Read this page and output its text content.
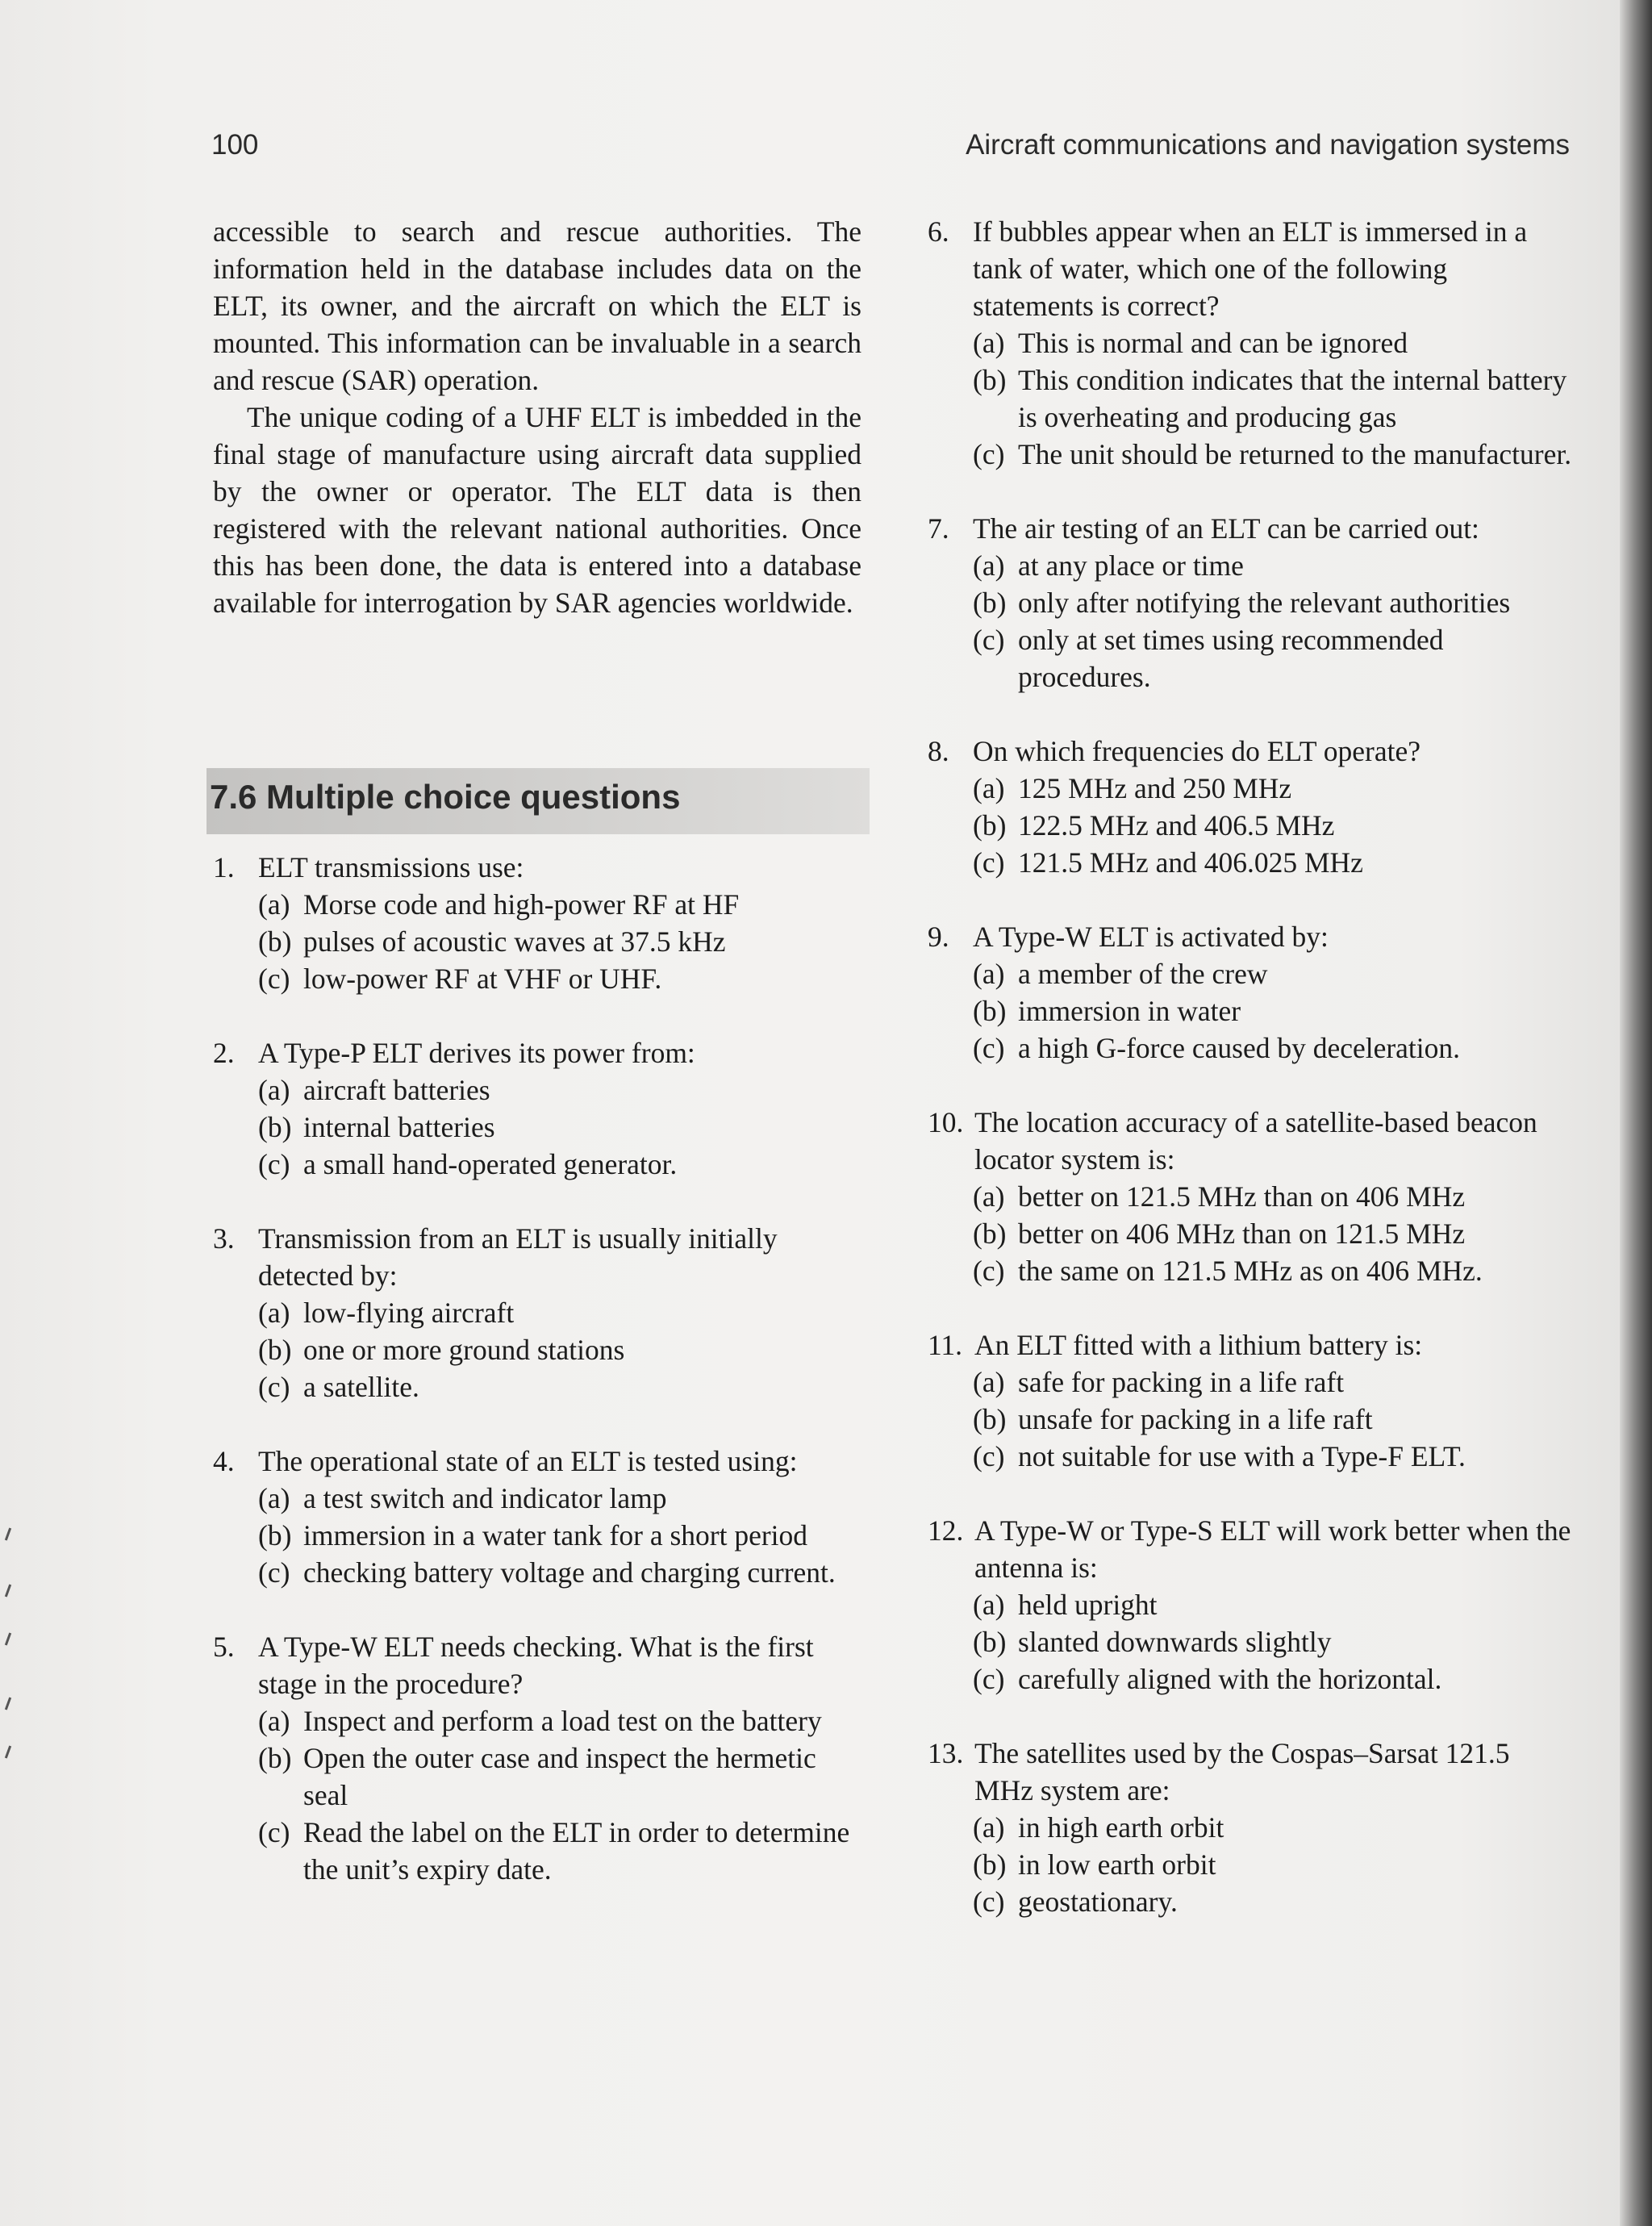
100	Aircraft communications and navigation systems

accessible to search and rescue authorities. The information held in the database includes data on the ELT, its owner, and the aircraft on which the ELT is mounted. This information can be invaluable in a search and rescue (SAR) operation.

The unique coding of a UHF ELT is imbedded in the final stage of manufacture using aircraft data supplied by the owner or operator. The ELT data is then registered with the relevant national authorities. Once this has been done, the data is entered into a database available for interrogation by SAR agencies worldwide.

7.6 Multiple choice questions
1. ELT transmissions use:
(a) Morse code and high-power RF at HF
(b) pulses of acoustic waves at 37.5 kHz
(c) low-power RF at VHF or UHF.
2. A Type-P ELT derives its power from:
(a) aircraft batteries
(b) internal batteries
(c) a small hand-operated generator.
3. Transmission from an ELT is usually initially detected by:
(a) low-flying aircraft
(b) one or more ground stations
(c) a satellite.
4. The operational state of an ELT is tested using:
(a) a test switch and indicator lamp
(b) immersion in a water tank for a short period
(c) checking battery voltage and charging current.
5. A Type-W ELT needs checking. What is the first stage in the procedure?
(a) Inspect and perform a load test on the battery
(b) Open the outer case and inspect the hermetic seal
(c) Read the label on the ELT in order to determine the unit’s expiry date.
6. If bubbles appear when an ELT is immersed in a tank of water, which one of the following statements is correct?
(a) This is normal and can be ignored
(b) This condition indicates that the internal battery is overheating and producing gas
(c) The unit should be returned to the manufacturer.
7. The air testing of an ELT can be carried out:
(a) at any place or time
(b) only after notifying the relevant authorities
(c) only at set times using recommended procedures.
8. On which frequencies do ELT operate?
(a) 125 MHz and 250 MHz
(b) 122.5 MHz and 406.5 MHz
(c) 121.5 MHz and 406.025 MHz
9. A Type-W ELT is activated by:
(a) a member of the crew
(b) immersion in water
(c) a high G-force caused by deceleration.
10. The location accuracy of a satellite-based beacon locator system is:
(a) better on 121.5 MHz than on 406 MHz
(b) better on 406 MHz than on 121.5 MHz
(c) the same on 121.5 MHz as on 406 MHz.
11. An ELT fitted with a lithium battery is:
(a) safe for packing in a life raft
(b) unsafe for packing in a life raft
(c) not suitable for use with a Type-F ELT.
12. A Type-W or Type-S ELT will work better when the antenna is:
(a) held upright
(b) slanted downwards slightly
(c) carefully aligned with the horizontal.
13. The satellites used by the Cospas–Sarsat 121.5 MHz system are:
(a) in high earth orbit
(b) in low earth orbit
(c) geostationary.
